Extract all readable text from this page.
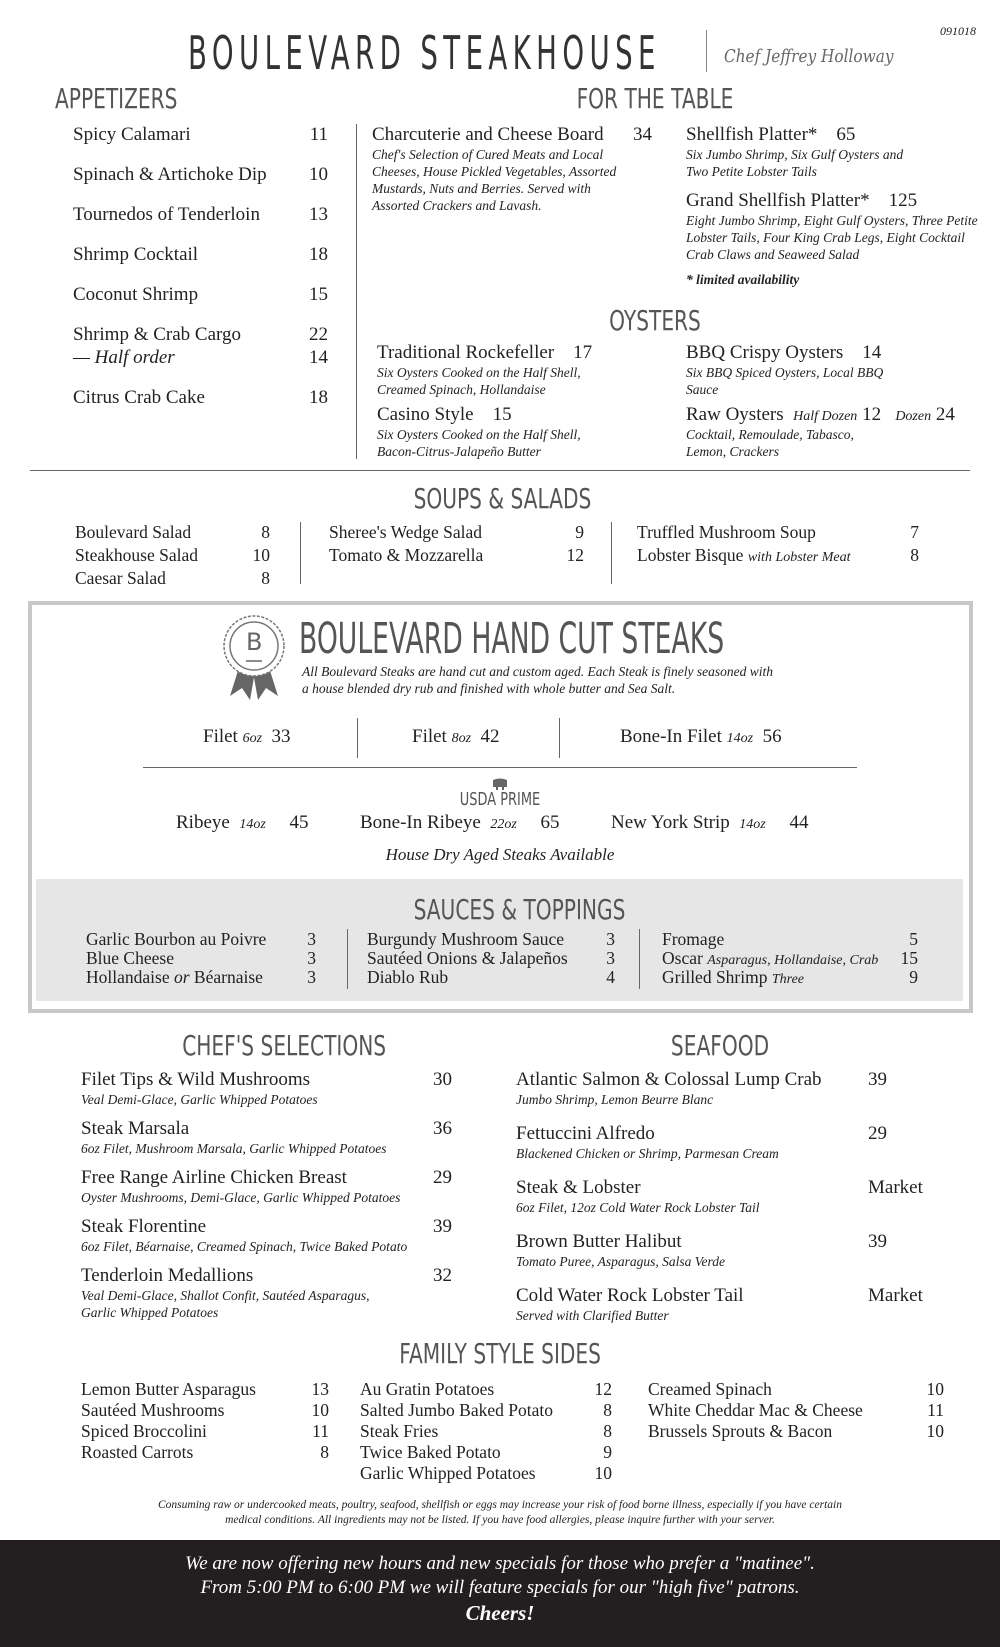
BOULEVARD STEAKHOUSE	Chef Jeffrey Holloway
091018
APPETIZERS
Spicy Calamari	11
Spinach & Artichoke Dip 10
Tournedos of Tenderloin	13
Shrimp Cocktail	18
Coconut Shrimp	15
Shrimp & Crab Cargo	22
— Half order	14
Citrus Crab Cake	18
FOR THE TABLE
Charcuterie and Cheese Board 34
Chef's Selection of Cured Meats and Local Cheeses, House Pickled Vegetables, Assorted Mustards, Nuts and Berries. Served with Assorted Crackers and Lavash.
Shellfish Platter* 65
Six Jumbo Shrimp, Six Gulf Oysters and Two Petite Lobster Tails
Grand Shellfish Platter* 125
Eight Jumbo Shrimp, Eight Gulf Oysters, Three Petite Lobster Tails, Four King Crab Legs, Eight Cocktail Crab Claws and Seaweed Salad
* limited availability
OYSTERS
Traditional Rockefeller 17
Six Oysters Cooked on the Half Shell, Creamed Spinach, Hollandaise
Casino Style 15
Six Oysters Cooked on the Half Shell, Bacon-Citrus-Jalapeño Butter
BBQ Crispy Oysters 14
Six BBQ Spiced Oysters, Local BBQ Sauce
Raw Oysters Half Dozen 12 Dozen 24
Cocktail, Remoulade, Tabasco, Lemon, Crackers
SOUPS & SALADS
Boulevard Salad	8
Steakhouse Salad	10
Caesar Salad	8
Sheree's Wedge Salad	9
Tomato & Mozzarella	12
Truffled Mushroom Soup	7
Lobster Bisque with Lobster Meat	8
B BOULEVARD HAND CUT STEAKS
All Boulevard Steaks are hand cut and custom aged. Each Steak is finely seasoned with a house blended dry rub and finished with whole butter and Sea Salt.
Filet 6oz 33	Filet 8oz 42	Bone-In Filet 14oz 56
USDA PRIME
Ribeye 14oz 45	Bone-In Ribeye 22oz 65	New York Strip 14oz 44
House Dry Aged Steaks Available
SAUCES & TOPPINGS
Garlic Bourbon au Poivre 3
Blue Cheese	3
Hollandaise or Béarnaise	3
Burgundy Mushroom Sauce 3
Sautéed Onions & Jalapeños 3
Diablo Rub	4
Fromage	5
Oscar Asparagus, Hollandaise, Crab 15
Grilled Shrimp Three	9
CHEF'S SELECTIONS
Filet Tips & Wild Mushrooms	30
Veal Demi-Glace, Garlic Whipped Potatoes
Steak Marsala	36
6oz Filet, Mushroom Marsala, Garlic Whipped Potatoes
Free Range Airline Chicken Breast	29
Oyster Mushrooms, Demi-Glace, Garlic Whipped Potatoes
Steak Florentine	39
6oz Filet, Béarnaise, Creamed Spinach, Twice Baked Potato
Tenderloin Medallions	32
Veal Demi-Glace, Shallot Confit, Sautéed Asparagus, Garlic Whipped Potatoes
SEAFOOD
Atlantic Salmon & Colossal Lump Crab 39
Jumbo Shrimp, Lemon Beurre Blanc
Fettuccini Alfredo	29
Blackened Chicken or Shrimp, Parmesan Cream
Steak & Lobster	Market
6oz Filet, 12oz Cold Water Rock Lobster Tail
Brown Butter Halibut	39
Tomato Puree, Asparagus, Salsa Verde
Cold Water Rock Lobster Tail	Market
Served with Clarified Butter
FAMILY STYLE SIDES
Lemon Butter Asparagus	13
Sautéed Mushrooms	10
Spiced Broccolini	11
Roasted Carrots	8
Au Gratin Potatoes	12
Salted Jumbo Baked Potato	8
Steak Fries	8
Twice Baked Potato	9
Garlic Whipped Potatoes	10
Creamed Spinach	10
White Cheddar Mac & Cheese	11
Brussels Sprouts & Bacon	10
Consuming raw or undercooked meats, poultry, seafood, shellfish or eggs may increase your risk of food borne illness, especially if you have certain medical conditions. All ingredients may not be listed. If you have food allergies, please inquire further with your server.
We are now offering new hours and new specials for those who prefer a "matinee".
From 5:00 PM to 6:00 PM we will feature specials for our "high five" patrons.
Cheers!
